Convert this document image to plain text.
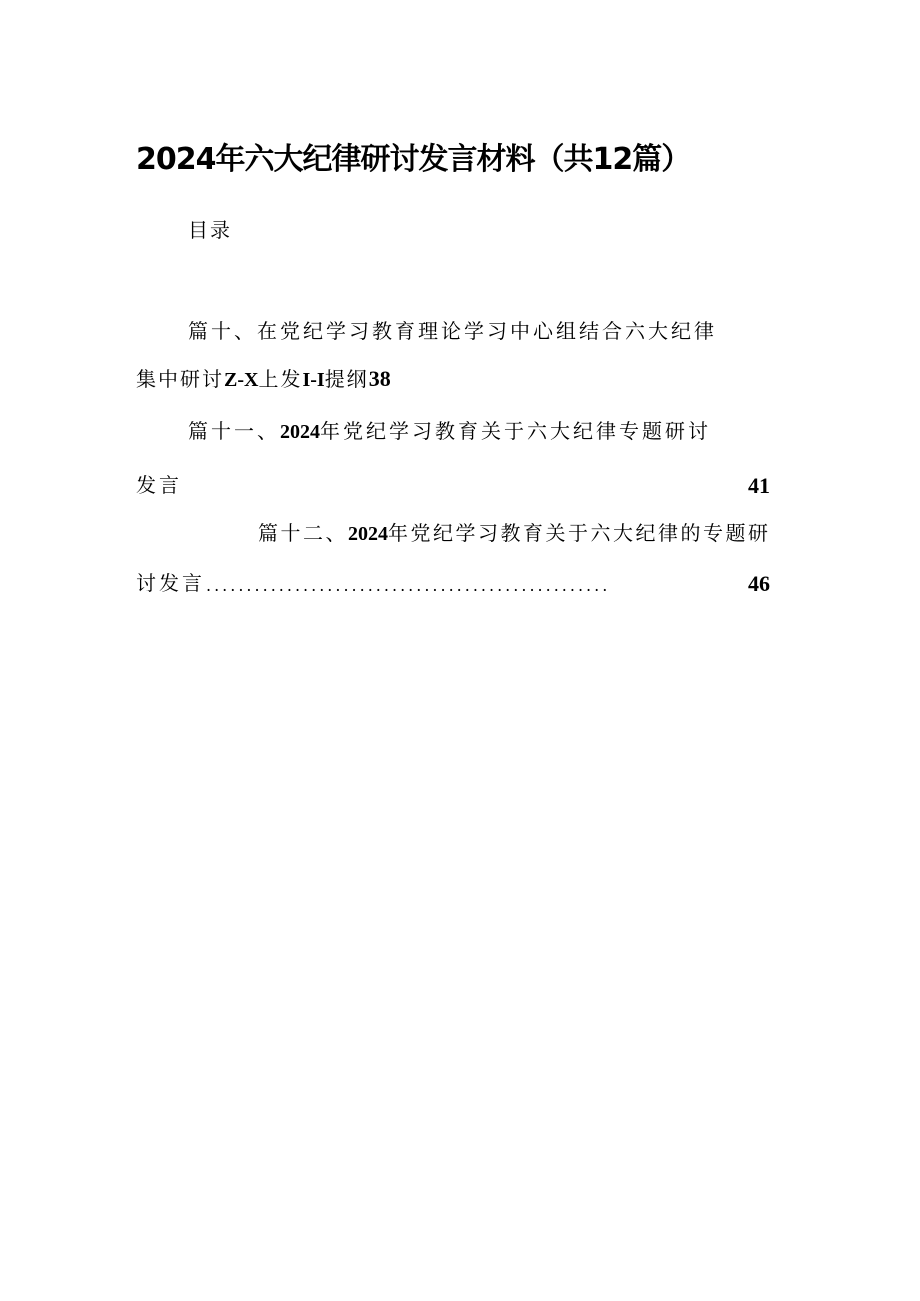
2024年六大纪律研讨发言材料（共12篇）
目录
篇十、在党纪学习教育理论学习中心组结合六大纪律
集中研讨Z-X上发I-I提纲38
篇十一、2024年党纪学习教育关于六大纪律专题研讨
发言	41
篇十二、2024年党纪学习教育关于六大纪律的专题研
讨发言 ..................................................	46
